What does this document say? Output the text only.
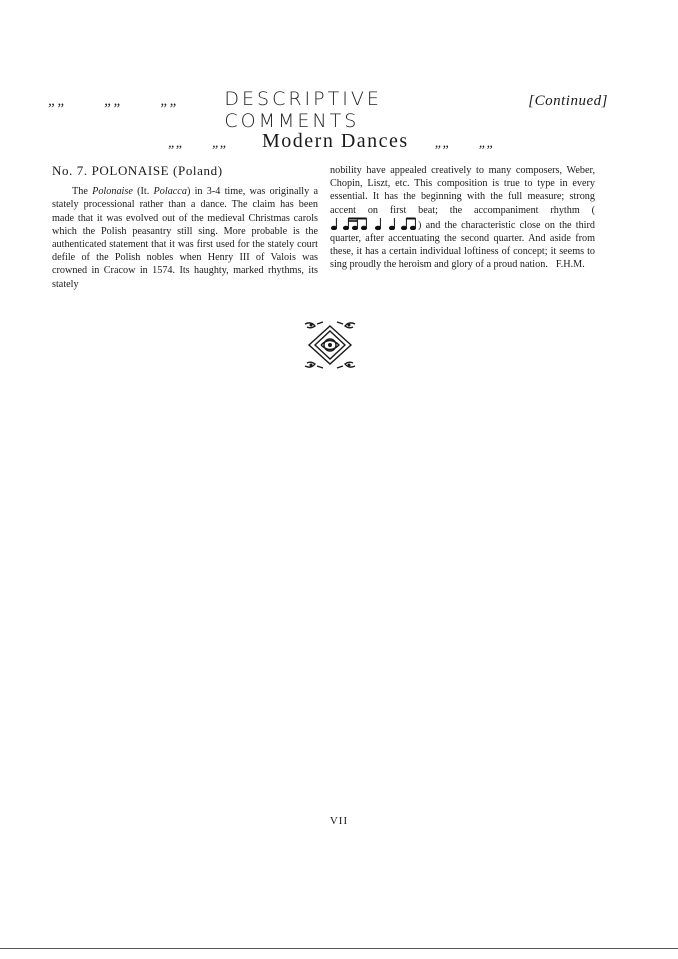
„„	„„	„„	DESCRIPTIVE COMMENTS
[Continued]
„„	„„	Modern Dances „„	„„
No. 7. POLONAISE (Poland)

The Polonaise (It. Polacca) in 3-4 time, was originally a stately processional rather than a dance. The claim has been made that it was evolved out of the medieval Christmas carols which the Polish peasantry still sing. More probable is the authenticated statement that it was first used for the stately court defile of the Polish nobles when Henry III of Valois was crowned in Cracow in 1574. Its haughty, marked rhythms, its stately

nobility have appealed creatively to many composers, Weber, Chopin, Liszt, etc. This composition is true to type in every essential. It has the beginning with the full measure; strong accent on first beat; the accompaniment rhythm () and the characteristic close on the third quarter, after accentuating the second quarter. And aside from these, it has a certain individual loftiness of concept; it seems to sing proudly the heroism and glory of a proud nation. F.H.M.

VII
